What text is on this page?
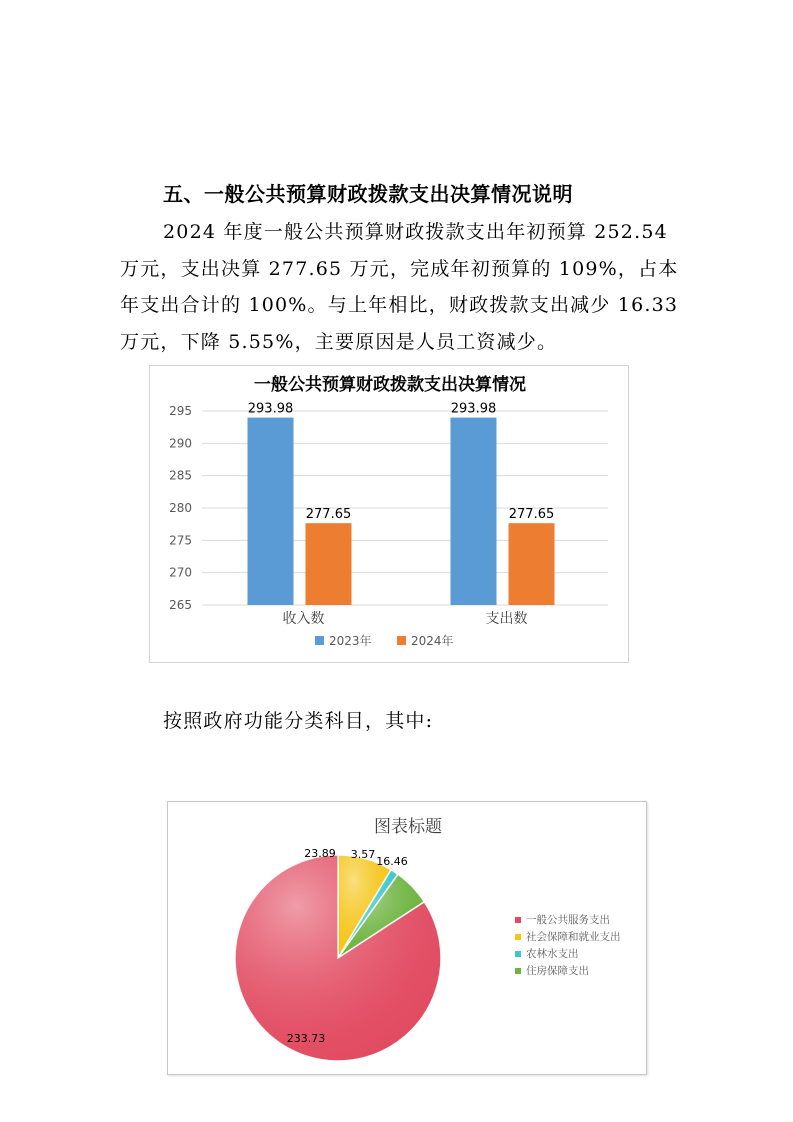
五、一般公共预算财政拨款支出决算情况说明

2024 年度一般公共预算财政拨款支出年初预算 252.54

万元，支出决算 277.65 万元，完成年初预算的 109%，占本

年支出合计的 100%。与上年相比，财政拨款支出减少 16.33

万元，下降 5.55%，主要原因是人员工资减少。

一般公共预算财政拨款支出决算情况
265
270
275
280
285
290
295	293.98
277.65
收入数
293.98
277.65
支出数
2023年	2024年
按照政府功能分类科目，其中:
图表标题
233.73
23.89 3.57
16.46
一般公共服务支出
社会保障和就业支出
农林水支出
住房保障支出
